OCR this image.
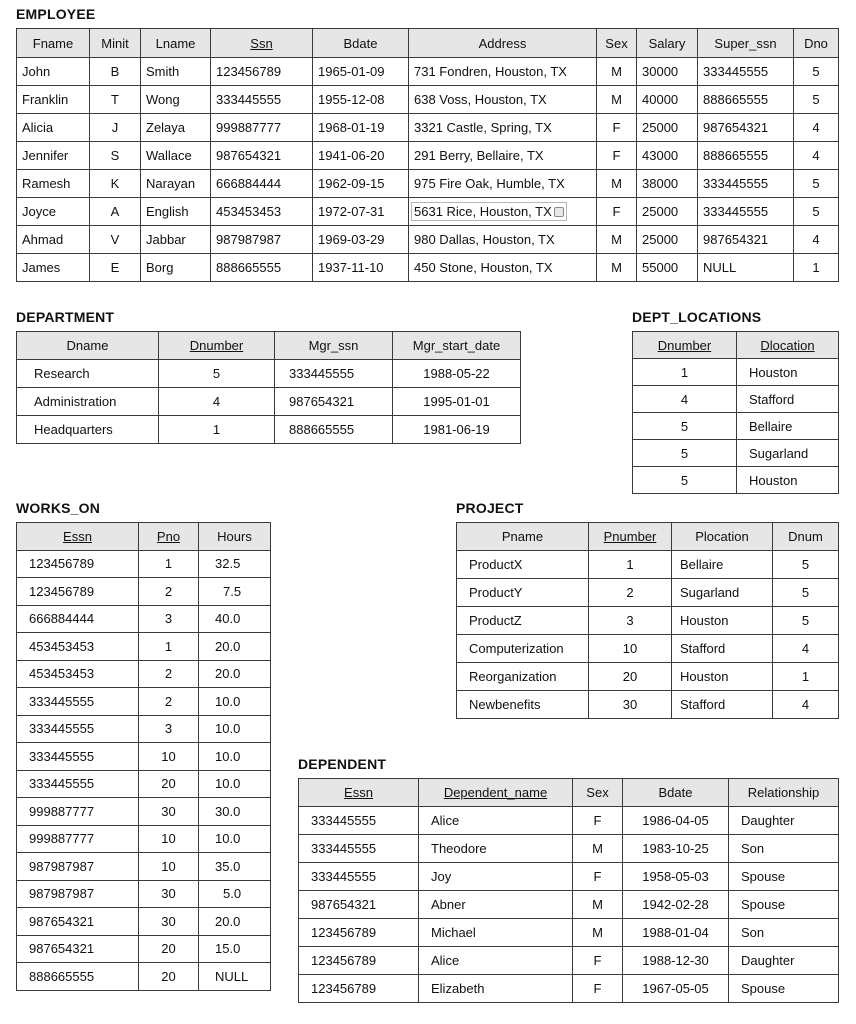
EMPLOYEE
Fname	Minit	Lname	Ssn	Bdate	Address	Sex	Salary	Super_ssn	Dno
John	B	Smith	123456789	1965-01-09	731 Fondren, Houston, TX	M	30000	333445555	5
Franklin	T	Wong	333445555	1955-12-08	638 Voss, Houston, TX	M	40000	888665555	5
Alicia	J	Zelaya	999887777	1968-01-19	3321 Castle, Spring, TX	F	25000	987654321	4
Jennifer	S	Wallace	987654321	1941-06-20	291 Berry, Bellaire, TX	F	43000	888665555	4
Ramesh	K	Narayan	666884444	1962-09-15	975 Fire Oak, Humble, TX	M	38000	333445555	5
Joyce	A	English	453453453	1972-07-31	5631 Rice, Houston, TX	F	25000	333445555	5
Ahmad	V	Jabbar	987987987	1969-03-29	980 Dallas, Houston, TX	M	25000	987654321	4
James	E	Borg	888665555	1937-11-10	450 Stone, Houston, TX	M	55000	NULL	1
DEPARTMENT
Dname	Dnumber	Mgr_ssn	Mgr_start_date
Research	5	333445555	1988-05-22
Administration	4	987654321	1995-01-01
Headquarters	1	888665555	1981-06-19
DEPT_LOCATIONS
Dnumber	Dlocation
1	Houston
4	Stafford
5	Bellaire
5	Sugarland
5	Houston
WORKS_ON
Essn	Pno	Hours
123456789	1	32.5
123456789	2	7.5
666884444	3	40.0
453453453	1	20.0
453453453	2	20.0
333445555	2	10.0
333445555	3	10.0
333445555	10	10.0
333445555	20	10.0
999887777	30	30.0
999887777	10	10.0
987987987	10	35.0
987987987	30	5.0
987654321	30	20.0
987654321	20	15.0
888665555	20	NULL
PROJECT
Pname	Pnumber	Plocation	Dnum
ProductX	1	Bellaire	5
ProductY	2	Sugarland	5
ProductZ	3	Houston	5
Computerization	10	Stafford	4
Reorganization	20	Houston	1
Newbenefits	30	Stafford	4
DEPENDENT
Essn	Dependent_name	Sex	Bdate	Relationship
333445555	Alice	F	1986-04-05	Daughter
333445555	Theodore	M	1983-10-25	Son
333445555	Joy	F	1958-05-03	Spouse
987654321	Abner	M	1942-02-28	Spouse
123456789	Michael	M	1988-01-04	Son
123456789	Alice	F	1988-12-30	Daughter
123456789	Elizabeth	F	1967-05-05	Spouse
